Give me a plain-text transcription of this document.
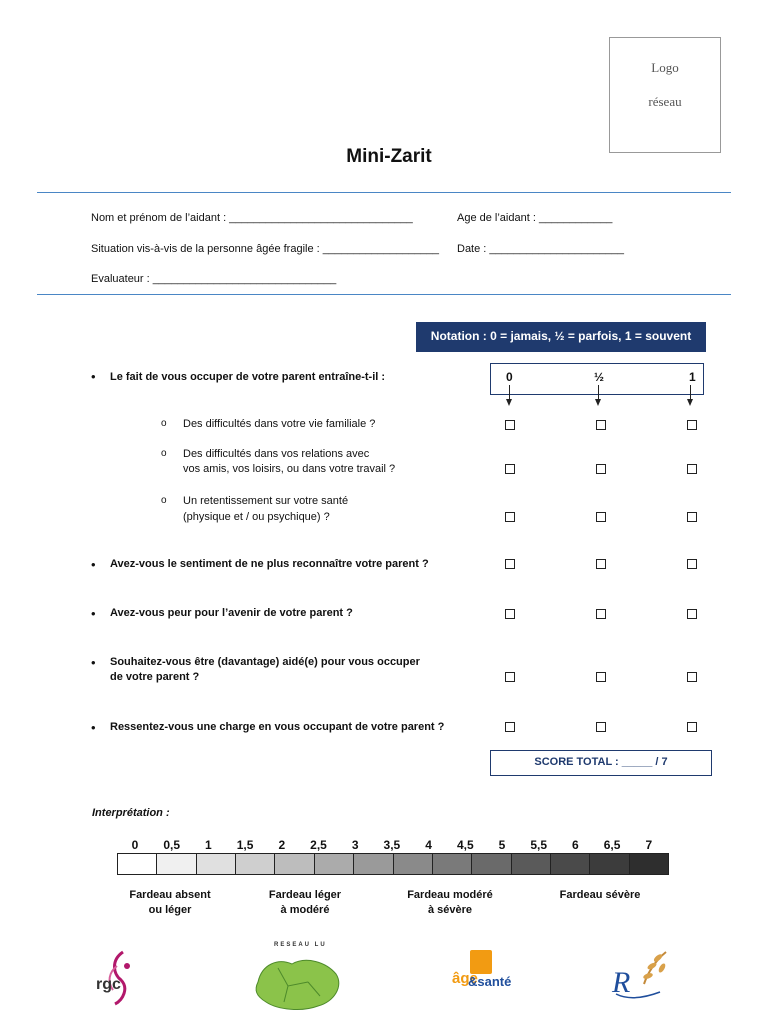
Logo
réseau
Mini-Zarit
Nom et prénom de l’aidant : ______________________________	Age de l’aidant : ____________
Situation vis-à-vis de la personne âgée fragile : ___________________ Date : ______________________
Evaluateur : ______________________________
Notation : 0 = jamais, ½ = parfois, 1 = souvent
0	½	1
• Le fait de vous occuper de votre parent entraîne-t-il :
o Des difficultés dans votre vie familiale ?
o Des difficultés dans vos relations avec
vos amis, vos loisirs, ou dans votre travail ?
o Un retentissement sur votre santé
(physique et / ou psychique) ?
• Avez-vous le sentiment de ne plus reconnaître votre parent ?
• Avez-vous peur pour l’avenir de votre parent ?
• Souhaitez-vous être (davantage) aidé(e) pour vous occuper
de votre parent ?
• Ressentez-vous une charge en vous occupant de votre parent ?
SCORE TOTAL : _____ / 7
Interprétation :
0	0,5	1	1,5	2	2,5	3	3,5	4	4,5	5	5,5	6	6,5	7
Fardeau absent
ou léger
Fardeau léger
à modéré
Fardeau modéré
à sévère
Fardeau sévère
rgc
RESEAU LU
âge
&santé	R
